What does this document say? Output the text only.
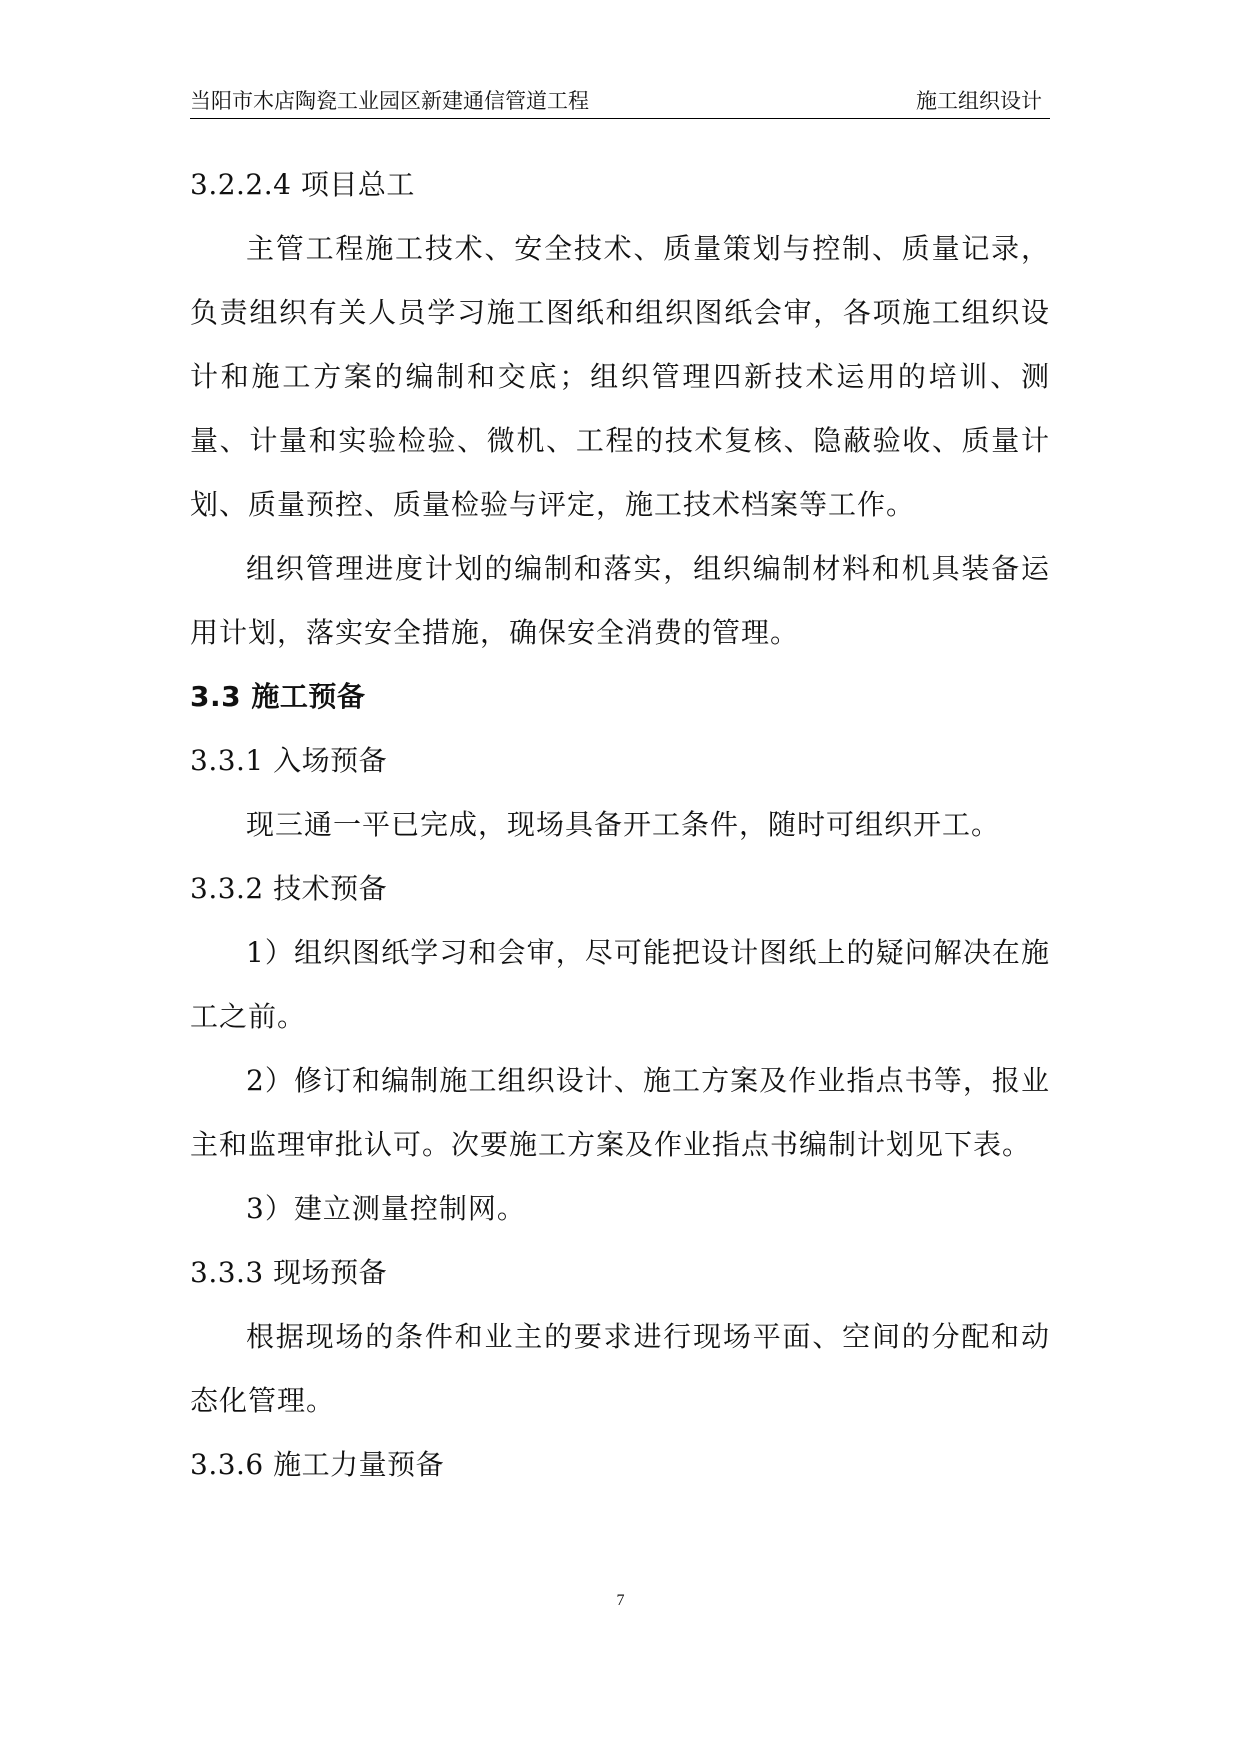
当阳市木店陶瓷工业园区新建通信管道工程	施工组织设计

3.2.2.4 项目总工

主管工程施工技术、安全技术、质量策划与控制、质量记录，负责组织有关人员学习施工图纸和组织图纸会审，各项施工组织设计和施工方案的编制和交底；组织管理四新技术运用的培训、测量、计量和实验检验、微机、工程的技术复核、隐蔽验收、质量计划、质量预控、质量检验与评定，施工技术档案等工作。

组织管理进度计划的编制和落实，组织编制材料和机具装备运用计划，落实安全措施，确保安全消费的管理。

3.3 施工预备

3.3.1 入场预备

现三通一平已完成，现场具备开工条件，随时可组织开工。

3.3.2 技术预备

1）组织图纸学习和会审，尽可能把设计图纸上的疑问解决在施工之前。

2）修订和编制施工组织设计、施工方案及作业指点书等，报业主和监理审批认可。次要施工方案及作业指点书编制计划见下表。

3）建立测量控制网。

3.3.3 现场预备

根据现场的条件和业主的要求进行现场平面、空间的分配和动态化管理。

3.3.6 施工力量预备

7
